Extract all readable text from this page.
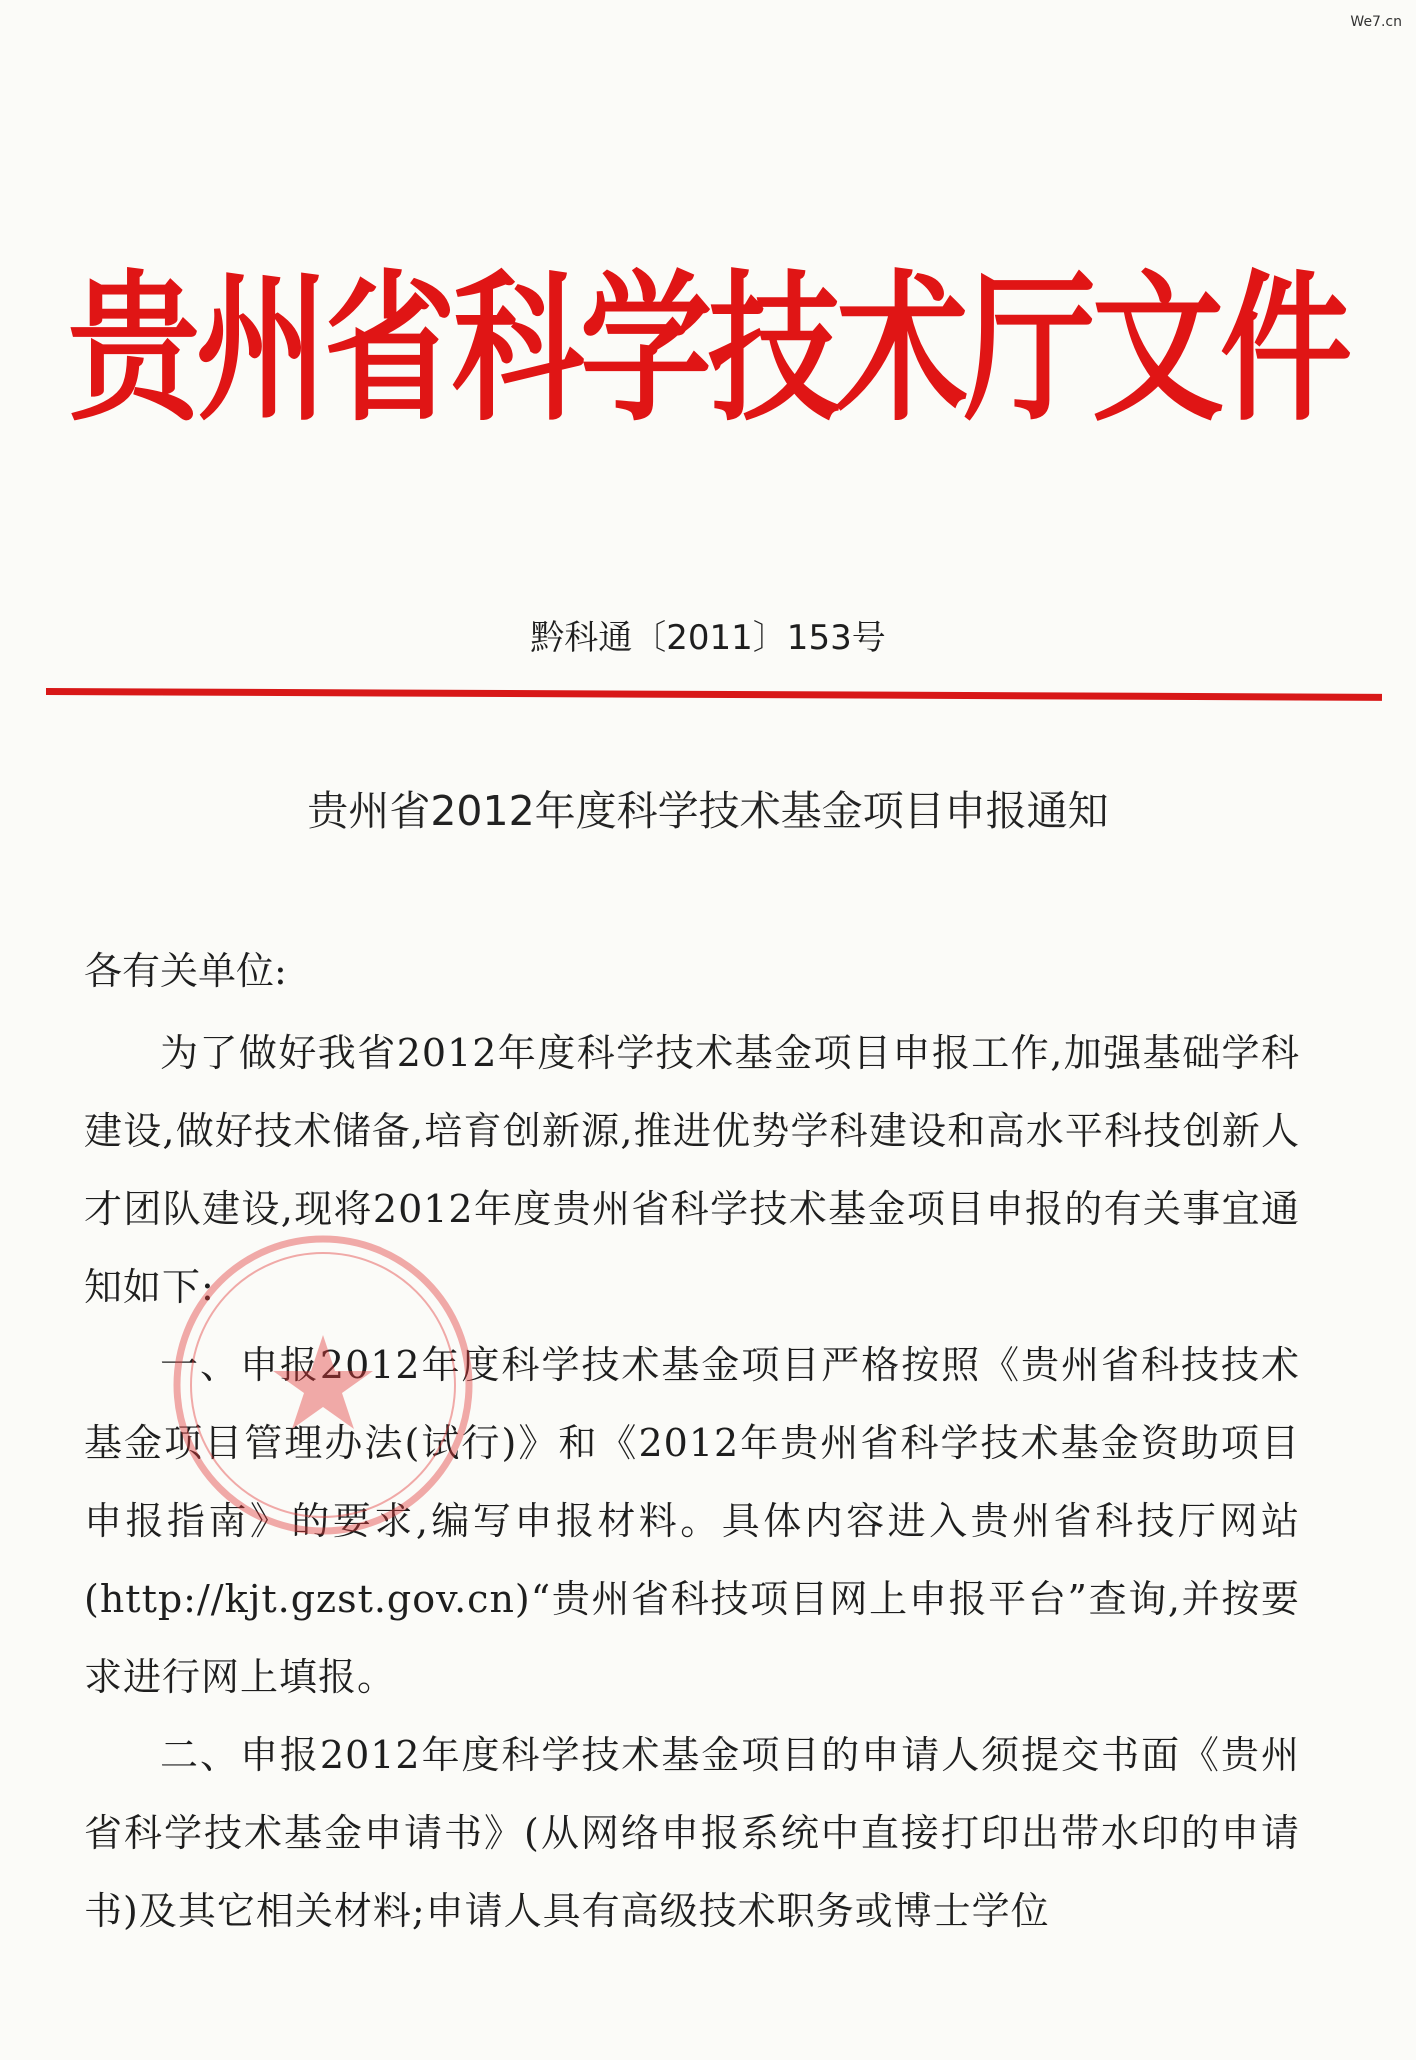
We7.cn
贵州省科学技术厅文件
黔科通〔2011〕153号
贵州省2012年度科学技术基金项目申报通知
各有关单位:

为了做好我省2012年度科学技术基金项目申报工作,加强基础学科建设,做好技术储备,培育创新源,推进优势学科建设和高水平科技创新人才团队建设,现将2012年度贵州省科学技术基金项目申报的有关事宜通知如下:

一、申报2012年度科学技术基金项目严格按照《贵州省科技技术基金项目管理办法(试行)》和《2012年贵州省科学技术基金资助项目申报指南》的要求,编写申报材料。具体内容进入贵州省科技厅网站(http://kjt.gzst.gov.cn)“贵州省科技项目网上申报平台”查询,并按要求进行网上填报。

二、申报2012年度科学技术基金项目的申请人须提交书面《贵州省科学技术基金申请书》(从网络申报系统中直接打印出带水印的申请书)及其它相关材料;申请人具有高级技术职务或博士学位
